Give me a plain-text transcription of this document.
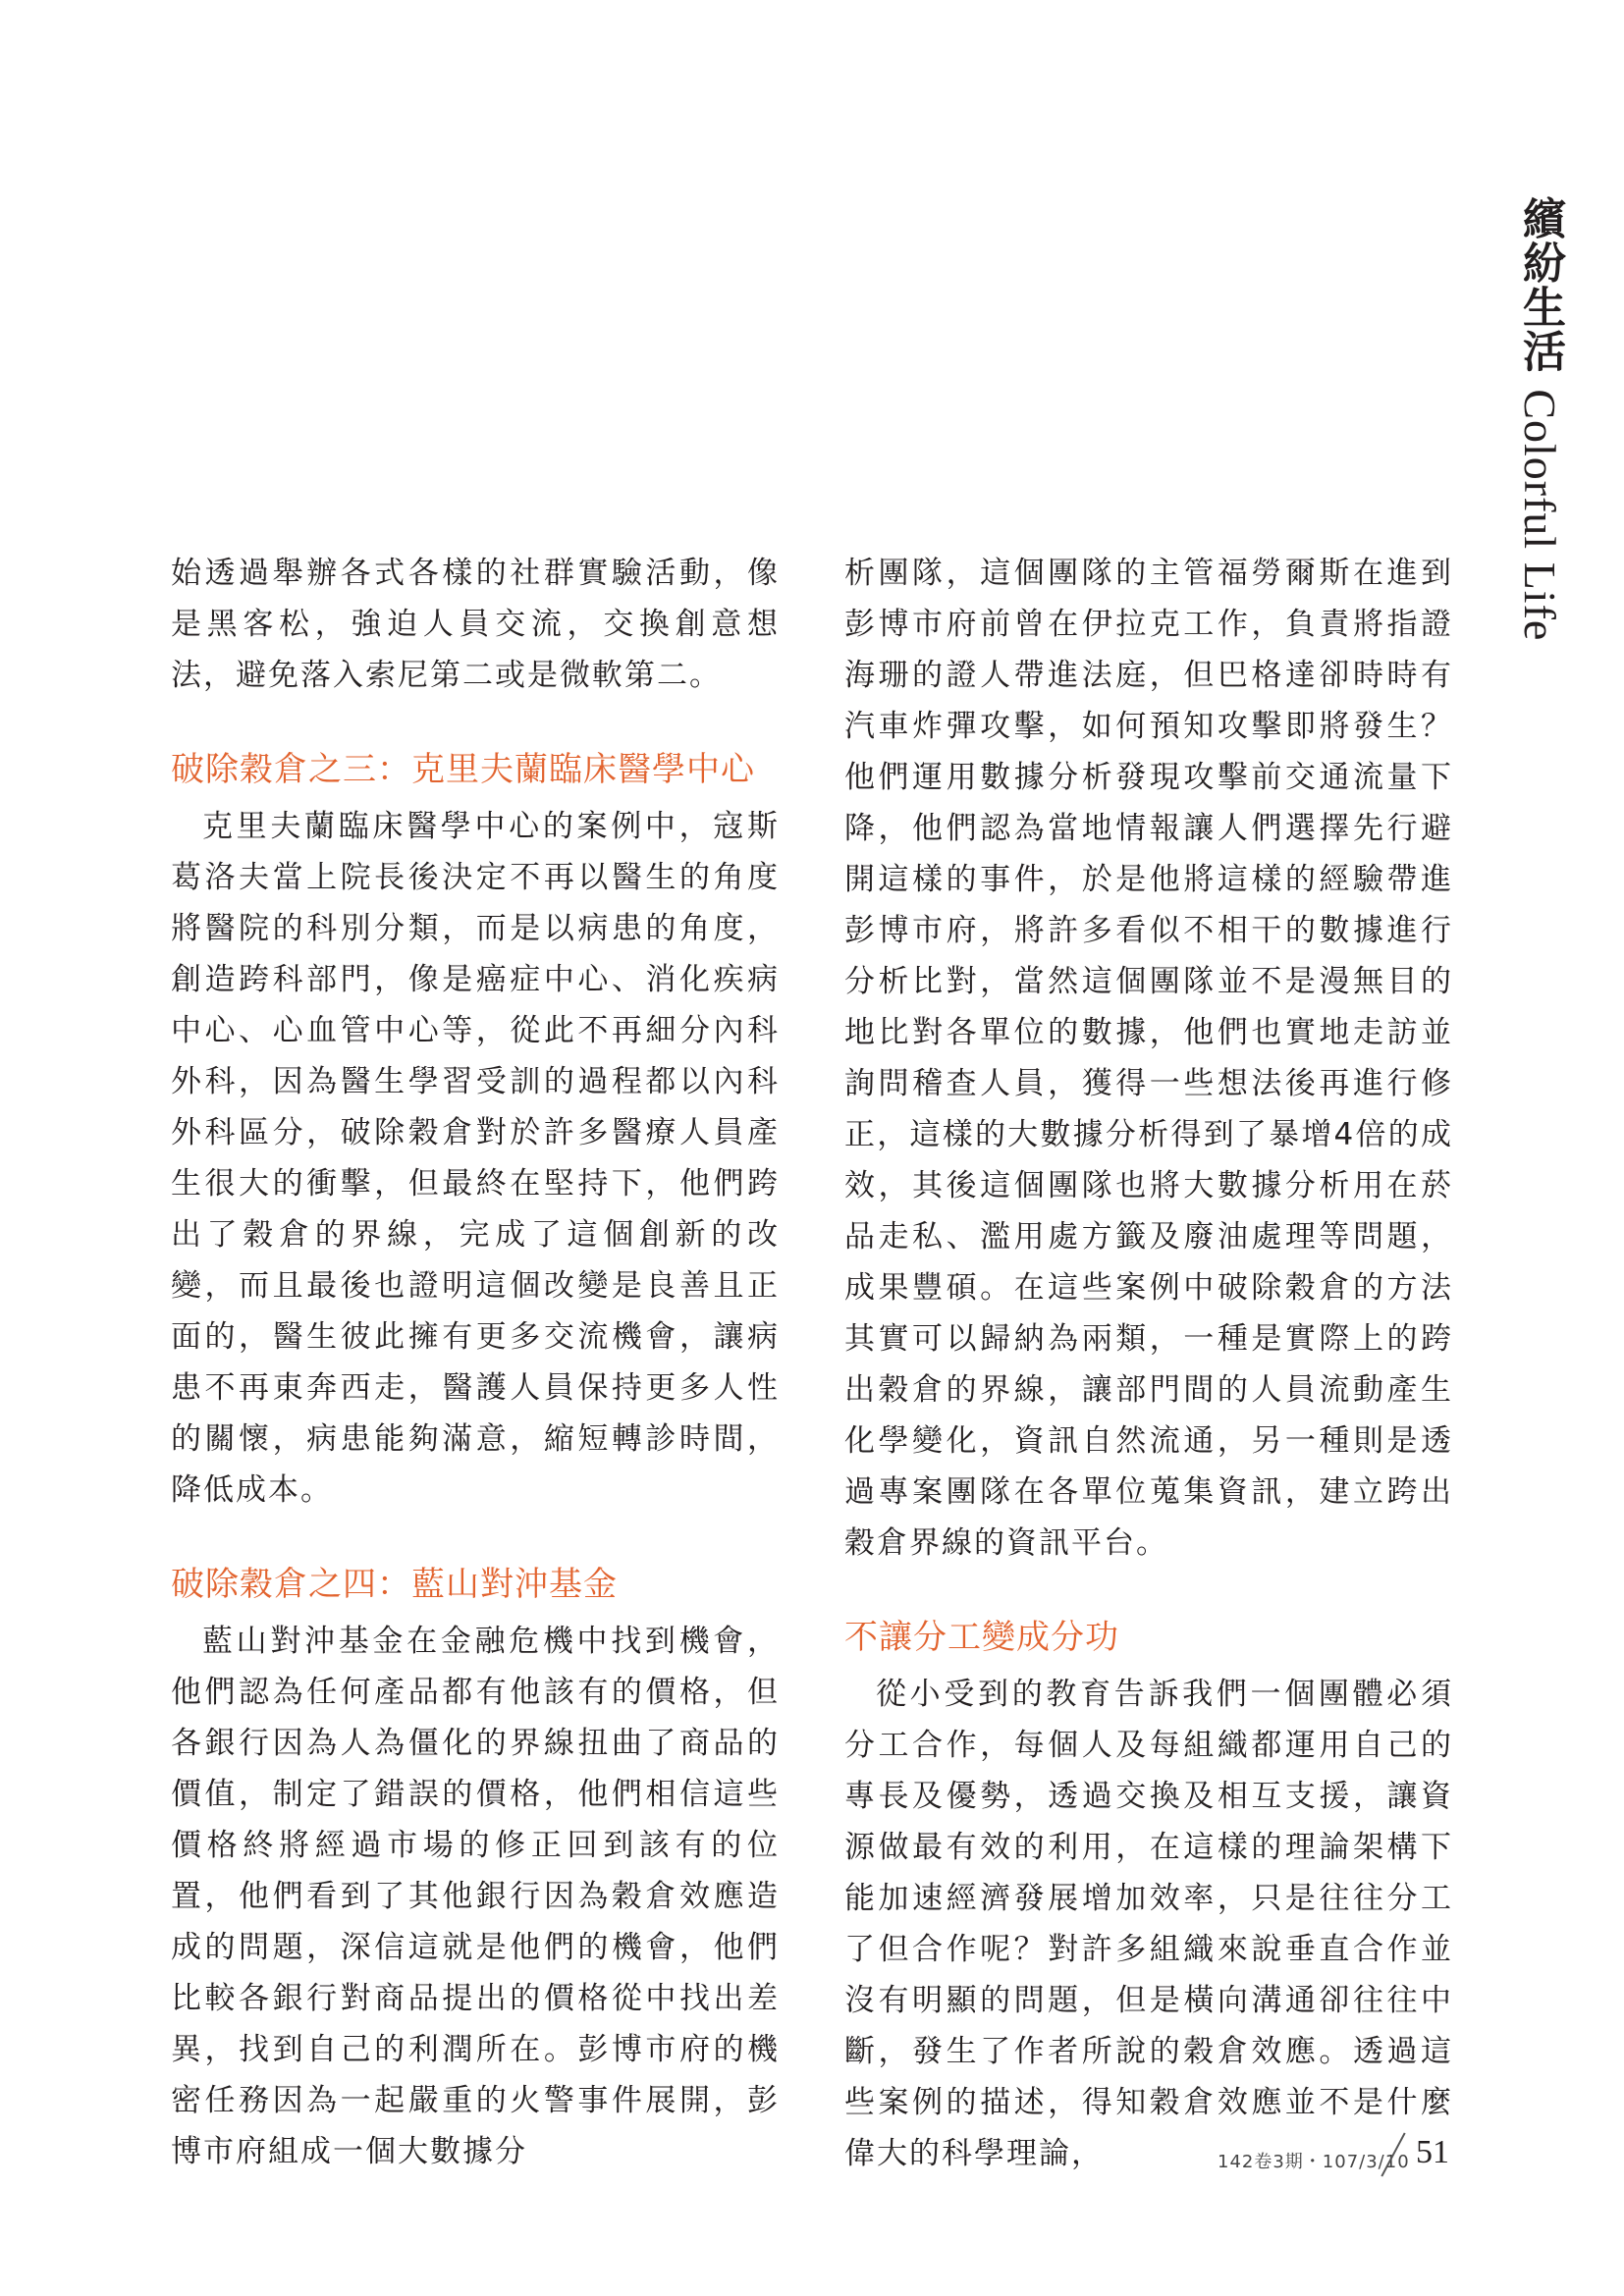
繽紛生活 Colorful Life

始透過舉辦各式各樣的社群實驗活動，像是黑客松，強迫人員交流，交換創意想法，避免落入索尼第二或是微軟第二。

破除穀倉之三：克里夫蘭臨床醫學中心

克里夫蘭臨床醫學中心的案例中，寇斯葛洛夫當上院長後決定不再以醫生的角度將醫院的科別分類，而是以病患的角度，創造跨科部門，像是癌症中心、消化疾病中心、心血管中心等，從此不再細分內科外科，因為醫生學習受訓的過程都以內科外科區分，破除穀倉對於許多醫療人員產生很大的衝擊，但最終在堅持下，他們跨出了穀倉的界線，完成了這個創新的改變，而且最後也證明這個改變是良善且正面的，醫生彼此擁有更多交流機會，讓病患不再東奔西走，醫護人員保持更多人性的關懷，病患能夠滿意，縮短轉診時間，降低成本。

破除穀倉之四：藍山對沖基金

藍山對沖基金在金融危機中找到機會，他們認為任何產品都有他該有的價格，但各銀行因為人為僵化的界線扭曲了商品的價值，制定了錯誤的價格，他們相信這些價格終將經過市場的修正回到該有的位置，他們看到了其他銀行因為穀倉效應造成的問題，深信這就是他們的機會，他們比較各銀行對商品提出的價格從中找出差異，找到自己的利潤所在。彭博市府的機密任務因為一起嚴重的火警事件展開，彭博市府組成一個大數據分

析團隊，這個團隊的主管福勞爾斯在進到彭博市府前曾在伊拉克工作，負責將指證海珊的證人帶進法庭，但巴格達卻時時有汽車炸彈攻擊，如何預知攻擊即將發生？他們運用數據分析發現攻擊前交通流量下降，他們認為當地情報讓人們選擇先行避開這樣的事件，於是他將這樣的經驗帶進彭博市府，將許多看似不相干的數據進行分析比對，當然這個團隊並不是漫無目的地比對各單位的數據，他們也實地走訪並詢問稽查人員，獲得一些想法後再進行修正，這樣的大數據分析得到了暴增4倍的成效，其後這個團隊也將大數據分析用在菸品走私、濫用處方籤及廢油處理等問題，成果豐碩。在這些案例中破除穀倉的方法其實可以歸納為兩類，一種是實際上的跨出穀倉的界線，讓部門間的人員流動產生化學變化，資訊自然流通，另一種則是透過專案團隊在各單位蒐集資訊，建立跨出穀倉界線的資訊平台。

不讓分工變成分功

從小受到的教育告訴我們一個團體必須分工合作，每個人及每組織都運用自己的專長及優勢，透過交換及相互支援，讓資源做最有效的利用，在這樣的理論架構下能加速經濟發展增加效率，只是往往分工了但合作呢？對許多組織來說垂直合作並沒有明顯的問題，但是橫向溝通卻往往中斷，發生了作者所說的穀倉效應。透過這些案例的描述，得知穀倉效應並不是什麼偉大的科學理論，	142卷3期・107/3/10 51
